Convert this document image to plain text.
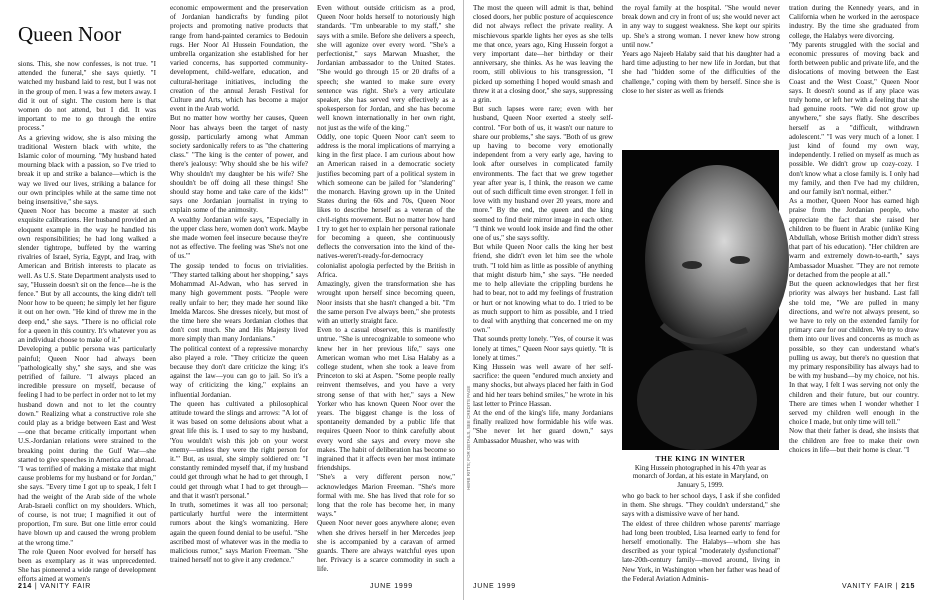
Queen Noor
sions. This, she now confesses, is not true. "I attended the funeral," she says quietly. "I watched my husband laid to rest, but I was not in the group of men. I was a few meters away. I did it out of sight. The custom here is that women do not attend, but I did. It was important to me to go through the entire process."
As a grieving widow, she is also mixing the traditional Western black with white, the Islamic color of mourning. "My husband hated mourning black with a passion, so I've tried to break it up and strike a balance—which is the way we lived our lives, striking a balance for our own principles while at the same time not being insensitive," she says.
Queen Noor has become a master at such exquisite calibrations. Her husband provided an eloquent example in the way he handled his own responsibilities; he had long walked a slender tightrope, buffeted by the warring rivalries of Israel, Syria, Egypt, and Iraq, with American and British interests to placate as well. As U.S. State Department analysts used to say, "Hussein doesn't sit on the fence—he is the fence." But by all accounts, the king didn't tell Noor how to be queen; he simply let her figure it out on her own. "He kind of threw me in the deep end," she says. "There is no official role for a queen in this country. It's whatever you as an individual choose to make of it."
Developing a public persona was particularly painful; Queen Noor had always been "pathologically shy," she says, and she was petrified of failure. "I always placed an incredible pressure on myself, because of feeling I had to be perfect in order not to let my husband down and not to let the country down." Realizing what a constructive role she could play as a bridge between East and West—one that became critically important when U.S.-Jordanian relations were strained to the breaking point during the Gulf War—she started to give speeches in America and abroad. "I was terrified of making a mistake that might cause problems for my husband or for Jordan," she says. "Every time I got up to speak, I felt I had the weight of the Arab side of the whole Arab-Israeli conflict on my shoulders. Which, of course, is not true; I magnified it out of proportion, I'm sure. But one little error could have blown up and caused the wrong problem at the wrong time."
The role Queen Noor evolved for herself has been as exemplary as it was unprecedented. She has pioneered a wide range of development efforts aimed at women's
economic empowerment and the preservation of Jordanian handicrafts by funding pilot projects and promoting native products that range from hand-painted ceramics to Bedouin rugs. Her Noor Al Hussein Foundation, the umbrella organization she established for her varied concerns, has supported community-development, child-welfare, education, and cultural-heritage initiatives, including the creation of the annual Jerash Festival for Culture and Arts, which has become a major event in the Arab world.
But no matter how worthy her causes, Queen Noor has always been the target of nasty gossip, particularly among what Amman society sardonically refers to as "the chattering class." "The king is the center of power, and there's jealousy: 'Why should she be his wife? Why shouldn't my daughter be his wife? She shouldn't be off doing all these things! She should stay home and take care of the kids!'" says one Jordanian journalist in trying to explain some of the animosity.
A wealthy Jordanian wife says, "Especially in the upper class here, women don't work. Maybe she made women feel insecure because they're not as effective. The feeling was 'She's not one of us.'"
The gossip tended to focus on trivialities. "They started talking about her shopping," says Mohammad Al-Adwan, who has served in many high government posts. "People were really unfair to her; they made her sound like Imelda Marcos. She dresses nicely, but most of the time here she wears Jordanian clothes that don't cost much. She and His Majesty lived more simply than many Jordanians."
The political context of a repressive monarchy also played a role. "They criticize the queen because they don't dare criticize the king; it's against the law—you can go to jail. So it's a way of criticizing the king," explains an influential Jordanian.
The queen has cultivated a philosophical attitude toward the slings and arrows: "A lot of it was based on some delusions about what a great life this is. I used to say to my husband, 'You wouldn't wish this job on your worst enemy—unless they were the right person for it.'" But, as usual, she simply soldiered on: "I constantly reminded myself that, if my husband could get through what he had to get through, I could get through what I had to get through—and that it wasn't personal."
In truth, sometimes it was all too personal; particularly hurtful were the intermittent rumors about the king's womanizing. Here again the queen found denial to be useful. "She ascribed most of whatever was in the media to malicious rumor," says Marion Freeman. "She trained herself not to give it any credence."
Even without outside criticism as a prod, Queen Noor holds herself to notoriously high standards. "I'm unbearable to my staff," she says with a smile. Before she delivers a speech, she will agonize over every word. "She's a perfectionist," says Marwan Muasher, the Jordanian ambassador to the United States. "She would go through 15 or 20 drafts of a speech; she wanted to make sure every sentence was right. She's a very articulate speaker, she has served very effectively as a spokesperson for Jordan, and she has become well known internationally in her own right, not just as the wife of the king."
Oddly, one topic Queen Noor can't seem to address is the moral implications of marrying a king in the first place. I am curious about how an American raised in a democratic society justifies becoming part of a political system in which someone can be jailed for "slandering" the monarch. Having grown up in the United States during the 60s and 70s, Queen Noor likes to describe herself as a veteran of the civil-rights movement. But no matter how hard I try to get her to explain her personal rationale for becoming a queen, she continuously deflects the conversation into the kind of the-natives-weren't-ready-for-democracy colonialist apologia perfected by the British in Africa.
Amazingly, given the transformation she has wrought upon herself since becoming queen, Noor insists that she hasn't changed a bit. "I'm the same person I've always been," she protests with an utterly straight face.
Even to a casual observer, this is manifestly untrue. "She is unrecognizable to someone who knew her in her previous life," says one American woman who met Lisa Halaby as a college student, when she took a leave from Princeton to ski at Aspen. "Some people really reinvent themselves, and you have a very strong sense of that with her," says a New Yorker who has known Queen Noor over the years. The biggest change is the loss of spontaneity demanded by a public life that requires Queen Noor to think carefully about every word she says and every move she makes. The habit of deliberation has become so ingrained that it affects even her most intimate friendships.
"She's a very different person now," acknowledges Marion Freeman. "She's more formal with me. She has lived that role for so long that the role has become her, in many ways."
Queen Noor never goes anywhere alone; even when she drives herself in her Mercedes jeep she is accompanied by a caravan of armed guards. There are always watchful eyes upon her. Privacy is a scarce commodity in such a life.
The most the queen will admit is that, behind closed doors, her public posture of acquiescence did not always reflect the private reality. A mischievous sparkle lights her eyes as she tells me that once, years ago, King Hussein forgot a very important date—her birthday or their anniversary, she thinks. As he was leaving the room, still oblivious to his transgression, "I picked up something I hoped would smash and threw it at a closing door," she says, suppressing a grin.
But such lapses were rare; even with her husband, Queen Noor exerted a steely self-control. "For both of us, it wasn't our nature to share our problems," she says. "Both of us grew up having to become very emotionally independent from a very early age, having to look after ourselves in complicated family environments. The fact that we grew together year after year is, I think, the reason we came out of such difficult time even stronger. I fell in love with my husband over 20 years, more and more." By the end, the queen and the king seemed to find their mirror image in each other. "I think we would look inside and find the other one of us," she says softly.
But while Queen Noor calls the king her best friend, she didn't even let him see the whole truth. "I told him as little as possible of anything that might disturb him," she says. "He needed me to help alleviate the crippling burdens he had to bear, not to add my feelings of frustration or hurt or not knowing what to do. I tried to be as much support to him as possible, and I tried to deal with anything that concerned me on my own."
That sounds pretty lonely. "Yes, of course it was lonely at times," Queen Noor says quietly. "It is lonely at times."
King Hussein was well aware of her self-sacrifice: the queen "endured much anxiety and many shocks, but always placed her faith in God and hid her tears behind smiles," he wrote in his last letter to Prince Hassan.
At the end of the king's life, many Jordanians finally realized how formidable his wife was. "She never let her guard down," says Ambassador Muasher, who was with
the royal family at the hospital. "She would never break down and cry in front of us; she would never act in any way to suggest weakness. She kept our spirits up. She's a strong woman. I never knew how strong until now."
Years ago Najeeb Halaby said that his daughter had a hard time adjusting to her new life in Jordan, but that she had "hidden some of the difficulties of the challenge," coping with them by herself. Since she is close to her sister as well as friends
THE KING IN WINTER
King Hussein photographed in his 47th year as monarch of Jordan, at his estate in Maryland, on January 5, 1999.
who go back to her school days, I ask if she confided in them. She shrugs. "They couldn't understand," she says with a dismissive wave of her hand.
The eldest of three children whose parents' marriage had long been troubled, Lisa learned early to fend for herself emotionally. The Halabys—whom she has described as your typical "moderately dysfunctional" late-20th-century family—moved around, living in New York, in Washington when her father was head of the Federal Aviation Adminis-
tration during the Kennedy years, and in California when he worked in the aerospace industry. By the time she graduated from college, the Halabys were divorcing.
"My parents struggled with the social and economic pressures of moving back and forth between public and private life, and the dislocations of moving between the East Coast and the West Coast," Queen Noor says. It doesn't sound as if any place was truly home, or left her with a feeling that she had genuine roots. "We did not grow up anywhere," she says flatly. She describes herself as a "difficult, withdrawn adolescent." "I was very much of a loner. I just kind of found my own way, independently. I relied on myself as much as possible. We didn't grow up cozy-cozy. I don't know what a close family is. I only had my family, and then I've had my children, and our family isn't normal, either."
As a mother, Queen Noor has earned high praise from the Jordanian people, who appreciate the fact that she raised her children to be fluent in Arabic (unlike King Abdullah, whose British mother didn't stress that part of his education). "Her children are warm and extremely down-to-earth," says Ambassador Muasher. "They are not remote or detached from the people at all."
But the queen acknowledges that her first priority was always her husband. Last fall she told me, "We are pulled in many directions, and we're not always present, so we have to rely on the extended family for primary care for our children. We try to draw them into our lives and concerns as much as possible, so they can understand what's pulling us away, but there's no question that my primary responsibility has always had to be with my husband—by my choice, not his. In that way, I felt I was serving not only the children and their future, but our country. There are times when I wonder whether I served my children well enough in the choice I made, but only time will tell."
Now that their father is dead, she insists that the children are free to make their own choices in life—but their home is clear. "I
HERB RITTS; FOR DETAILS, SEE CREDITS PAGE
214 | VANITY FAIR	JUNE 1999	JUNE 1999	VANITY FAIR | 215
